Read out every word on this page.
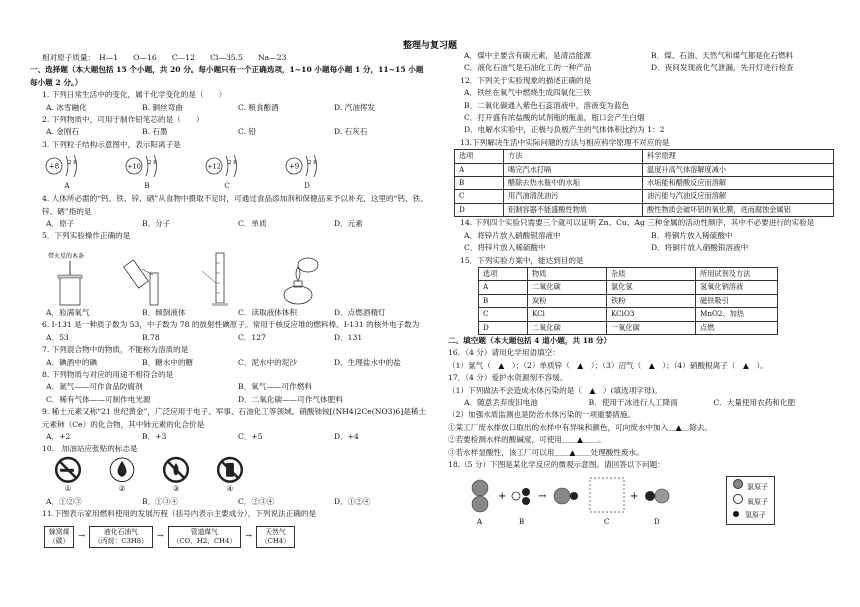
整理与复习题

相对原子质量：　H—1　　O—16　　C—12　　Cl—35.5　　Na—23

一、选择题（本大题包括 15 个小题，共 20 分。每小题只有一个正确选项，1~10 小题每小题 1 分，11~15 小题每小题 2 分。）

1. 下列日常生活中的变化，属于化学变化的是（　　）

A. 冰雪融化	B. 铜丝弯曲	C. 粮食酿酒	D. 汽油挥发

2. 下列物质中，可用于制作铅笔芯的是（　　）

A. 金刚石	B. 石墨	C. 铅	D. 石灰石

3. 下列粒子结构示意图中，表示阳离子是

+8 2 8
A
+10 2 8
B
+12 2 8
C
+9 2 8
D

4. 人体所必需的“钙、铁、锌、硒”从食物中摄取不足时，可通过食品添加剂和保健品来予以补充，这里的“钙、铁、锌、硒”指的是

A．原子	B．分子	C．单质	D．元素

5．下列实验操作正确的是

带火星的木条
A．验满氧气	B．倾倒液体	C．读取液体体积	D．点燃酒精灯

6. I-131 是一种质子数为 53，中子数为 78 的放射性碘原子。常用于核反应堆的燃料棒。I-131 的核外电子数为

A．53	B.78	C．127	D．131

7. 下列混合物中的物质，不能称为溶质的是

A．碘酒中的碘	B．糖水中的糖	C．泥水中的泥沙	D．生理盐水中的盐

8. 下列物质与对应的用途不相符合的是

A．氮气——可作食品防腐剂	B．氧气——可作燃料
C．稀有气体——可制作电光源	D．二氧化碳——可作气体肥料

9. 稀土元素又称“21 世纪黄金”，广泛应用于电子、军事、石油化工等领域。硝酸铈铵[(NH4)2Ce(NO3)6]是稀土元素铈（Ce）的化合物，其中铈元素的化合价是

A．+2	B．+3	C．+5	D．+4

10.　加油站应张贴的标志是

①	②	③	④
A．①②③	B．①③④	C．②③④	D．①②④

11.下图表示家用燃料使用的发展历程（括号内表示主要成分），下列说法正确的是

蜂窝煤
（碳）
→	液化石油气
（丙烷：C3H8）
→	管道煤气
（CO、H2、CH4）
→	天然气
（CH4）
A．煤中主要含有碳元素，是清洁能源	B．煤、石油、天然气和煤气都是化石燃料
C．液化石油气是石油化工的一种产品	D．夜间发现液化气泄漏，先开灯进行检查

12．下列关于实验现象的描述正确的是

A．铁丝在氧气中燃烧生成四氧化三铁

B．二氧化碳通入紫色石蕊溶液中，溶液变为蓝色

C．打开盛有浓盐酸的试剂瓶的瓶盖，瓶口会产生白烟

D．电解水实验中，正极与负极产生的气体体积比约为 1：2

13.下列解决生活中实际问题的方法与相应科学原理不对应的是

选项	方法	科学原理
A	喝完汽水打嗝	温度升高气体溶解度减小
B	醋除去热水瓶中的水垢	水垢能和醋酸反应而溶解
C	用汽油清洗油污	油污能与汽油反应而溶解
D	铝制容器不能盛酸性物质	酸性物质会破坏铝的氧化膜，进而腐蚀金属铝

14. 下列四个实验只需要三个就可以证明 Zn、Cu、Ag 三种金属的活动性顺序，其中不必要进行的实验是

A．将锌片放入硝酸银溶液中	B．将铜片放入稀硫酸中
C．将锌片放入稀硫酸中	D．将铜片放入硝酸银溶液中

15．下列实验方案中，能达到目的是

选项	物质	杂质	所用试剂及方法
A	二氧化碳	氯化氢	氢氧化钠溶液
B	炭粉	铁粉	磁铁吸引
C	KCl	KClO3	MnO2、加热
D	二氧化碳	一氧化碳	点燃

二、填空题（本大题包括 4 道小题，共 18 分）

16．（4 分）请用化学用语填空：

（1）氯气（　▲　）；（2）单质锌（　▲　）；（3）沼气（　▲　）；（4）硝酸根离子（　▲　）。

17．（4 分）爱护水资源刻不容缓。

（1）下列做法不会造成水体污染的是（　▲　）(填选项字母)。

A．随意丢弃废旧电池	B．使用干冰进行人工降雨	C．大量使用农药和化肥

（2）加强水质监测也是防治水体污染的一项重要措施。

①某工厂废水排放口取出的水样中有异味和颜色，可向废水中加入＿▲＿除去。

②若要检测水样的酸碱度，可使用＿＿▲＿＿。

③若水样显酸性，该工厂可以用＿＿▲＿＿处理酸性废水。

18.（5 分）下图是某化学反应的微观示意图。请回答以下问题：

+	→	+
A	B	C	D
氯原子
氧原子
氢原子
